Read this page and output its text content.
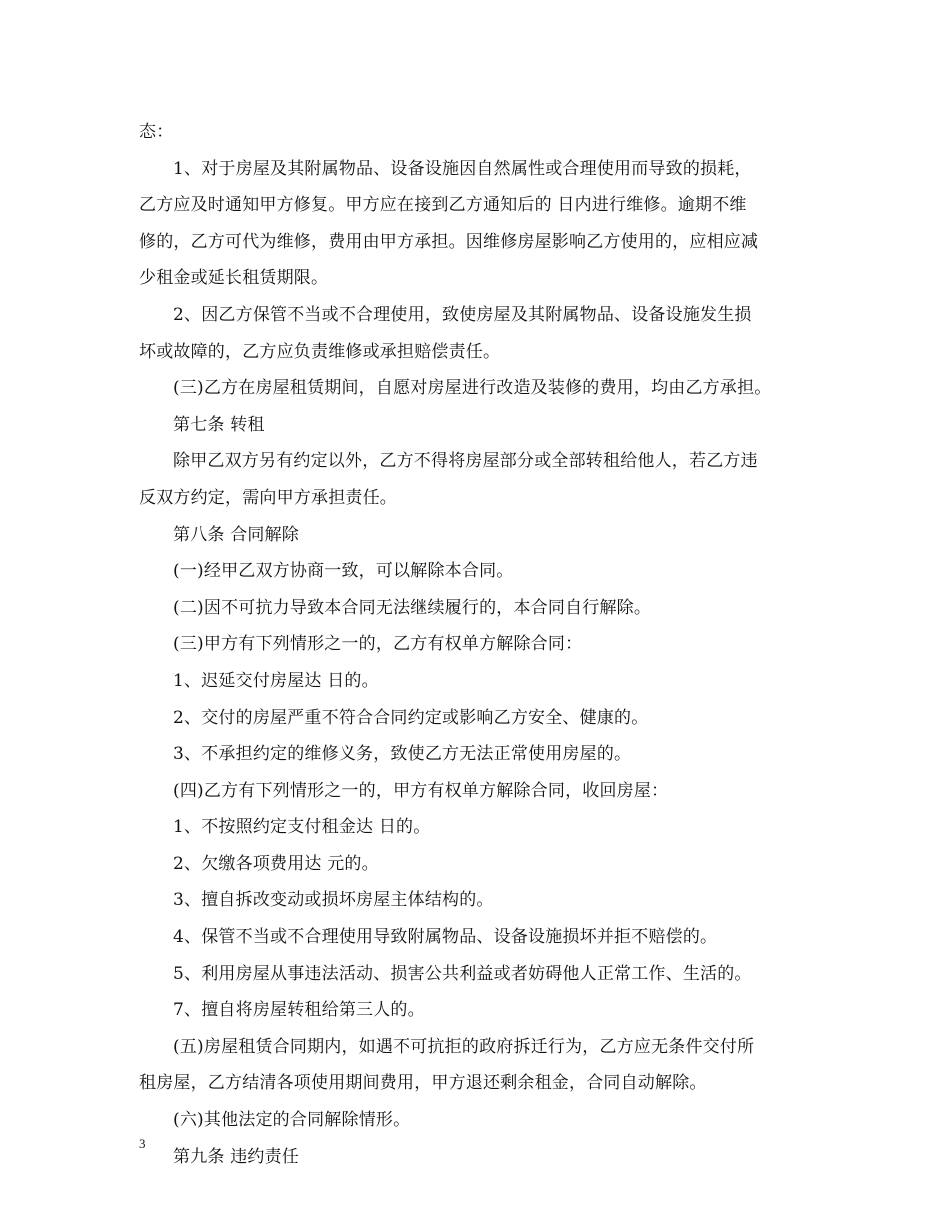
态：
1、对于房屋及其附属物品、设备设施因自然属性或合理使用而导致的损耗，
乙方应及时通知甲方修复。甲方应在接到乙方通知后的 日内进行维修。逾期不维
修的，乙方可代为维修，费用由甲方承担。因维修房屋影响乙方使用的，应相应减
少租金或延长租赁期限。
2、因乙方保管不当或不合理使用，致使房屋及其附属物品、设备设施发生损
坏或故障的，乙方应负责维修或承担赔偿责任。
(三)乙方在房屋租赁期间，自愿对房屋进行改造及装修的费用，均由乙方承担。
第七条 转租
除甲乙双方另有约定以外，乙方不得将房屋部分或全部转租给他人，若乙方违
反双方约定，需向甲方承担责任。
第八条 合同解除
(一)经甲乙双方协商一致，可以解除本合同。
(二)因不可抗力导致本合同无法继续履行的，本合同自行解除。
(三)甲方有下列情形之一的，乙方有权单方解除合同：
1、迟延交付房屋达 日的。
2、交付的房屋严重不符合合同约定或影响乙方安全、健康的。
3、不承担约定的维修义务，致使乙方无法正常使用房屋的。
(四)乙方有下列情形之一的，甲方有权单方解除合同，收回房屋：
1、不按照约定支付租金达 日的。
2、欠缴各项费用达 元的。
3、擅自拆改变动或损坏房屋主体结构的。
4、保管不当或不合理使用导致附属物品、设备设施损坏并拒不赔偿的。
5、利用房屋从事违法活动、损害公共利益或者妨碍他人正常工作、生活的。
7、擅自将房屋转租给第三人的。
(五)房屋租赁合同期内，如遇不可抗拒的政府拆迁行为，乙方应无条件交付所
租房屋，乙方结清各项使用期间费用，甲方退还剩余租金，合同自动解除。
(六)其他法定的合同解除情形。
第九条 违约责任
3
